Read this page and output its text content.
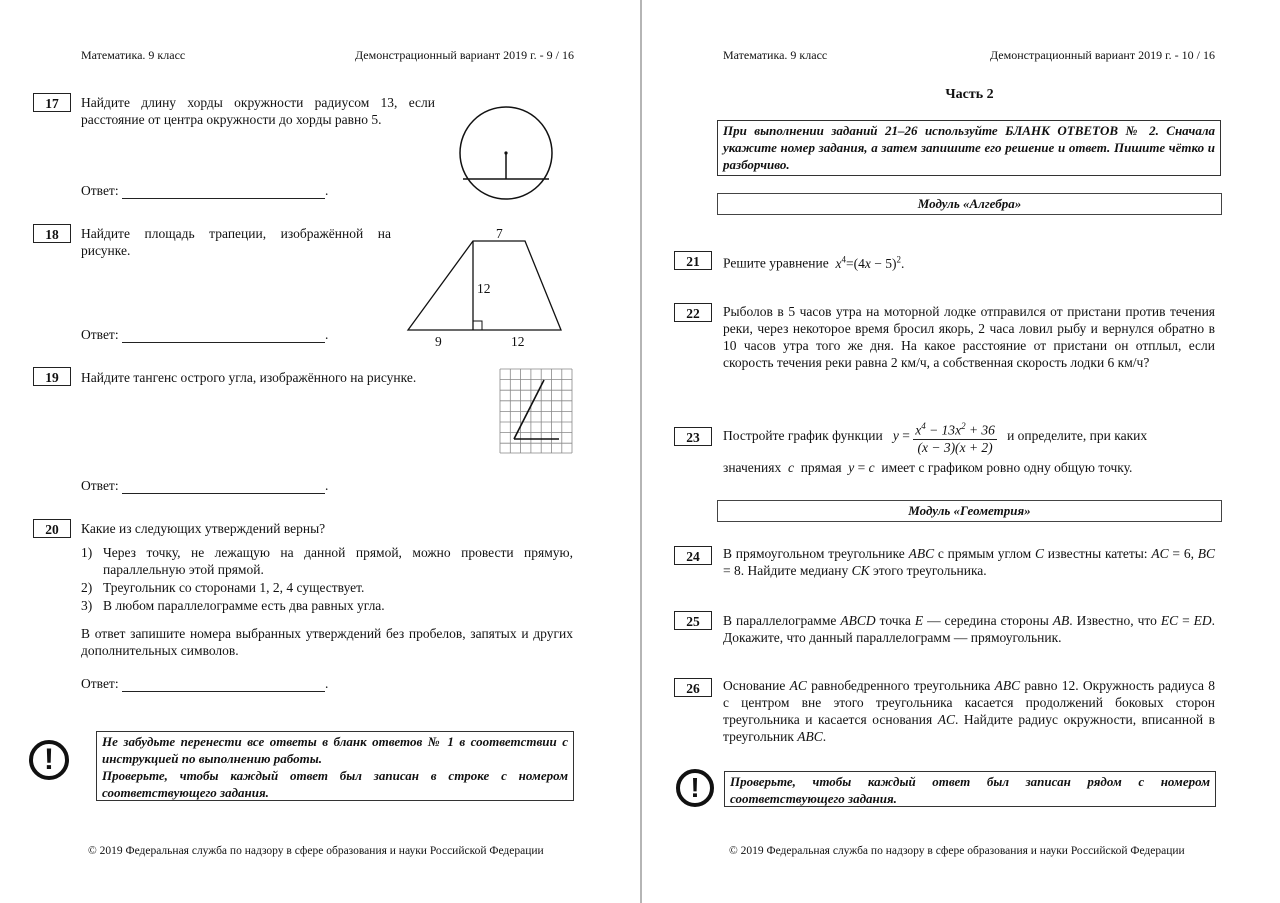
Математика. 9 класс	Демонстрационный вариант 2019 г. - 9 / 16
17	Найдите длину хорды окружности радиусом 13, если расстояние от центра окружности до хорды равно 5.
Ответ:	.
18	Найдите площадь трапеции, изображённой на рисунке.
7
12
9	12
Ответ:	.
19	Найдите тангенс острого угла, изображённого на рисунке.
Ответ:	.
20	Какие из следующих утверждений верны?
1) Через точку, не лежащую на данной прямой, можно провести прямую, параллельную этой прямой.
2) Треугольник со сторонами 1, 2, 4 существует.
3) В любом параллелограмме есть два равных угла.
В ответ запишите номера выбранных утверждений без пробелов, запятых и других дополнительных символов.
Ответ:	.
!
Не забудьте перенести все ответы в бланк ответов № 1 в соответствии с инструкцией по выполнению работы.
Проверьте, чтобы каждый ответ был записан в строке с номером соответствующего задания.
© 2019 Федеральная служба по надзору в сфере образования и науки Российской Федерации
Математика. 9 класс	Демонстрационный вариант 2019 г. - 10 / 16
Часть 2
При выполнении заданий 21–26 используйте БЛАНК ОТВЕТОВ № 2. Сначала укажите номер задания, а затем запишите его решение и ответ. Пишите чётко и разборчиво.
Модуль «Алгебра»
21	Решите уравнение $x^4=(4x - 5)^2$.
22	Рыболов в 5 часов утра на моторной лодке отправился от пристани против течения реки, через некоторое время бросил якорь, 2 часа ловил рыбу и вернулся обратно в 10 часов утра того же дня. На какое расстояние от пристани он отплыл, если скорость течения реки равна 2 км/ч, а собственная скорость лодки 6 км/ч?
23	Постройте график функции $y = \frac{x^4 - 13x^2 + 36}{(x - 3)(x + 2)}$ и определите, при каких
значениях  c  прямая  y = c  имеет с графиком ровно одну общую точку.
Модуль «Геометрия»
24	В прямоугольном треугольнике ABC с прямым углом C известны катеты: AC = 6, BC = 8. Найдите медиану CK этого треугольника.
25	В параллелограмме ABCD точка E — середина стороны AB. Известно, что EC = ED. Докажите, что данный параллелограмм — прямоугольник.
26	Основание AC равнобедренного треугольника ABC равно 12. Окружность радиуса 8 с центром вне этого треугольника касается продолжений боковых сторон треугольника и касается основания AC. Найдите радиус окружности, вписанной в треугольник ABC.
!	Проверьте, чтобы каждый ответ был записан рядом с номером соответствующего задания.
© 2019 Федеральная служба по надзору в сфере образования и науки Российской Федерации
